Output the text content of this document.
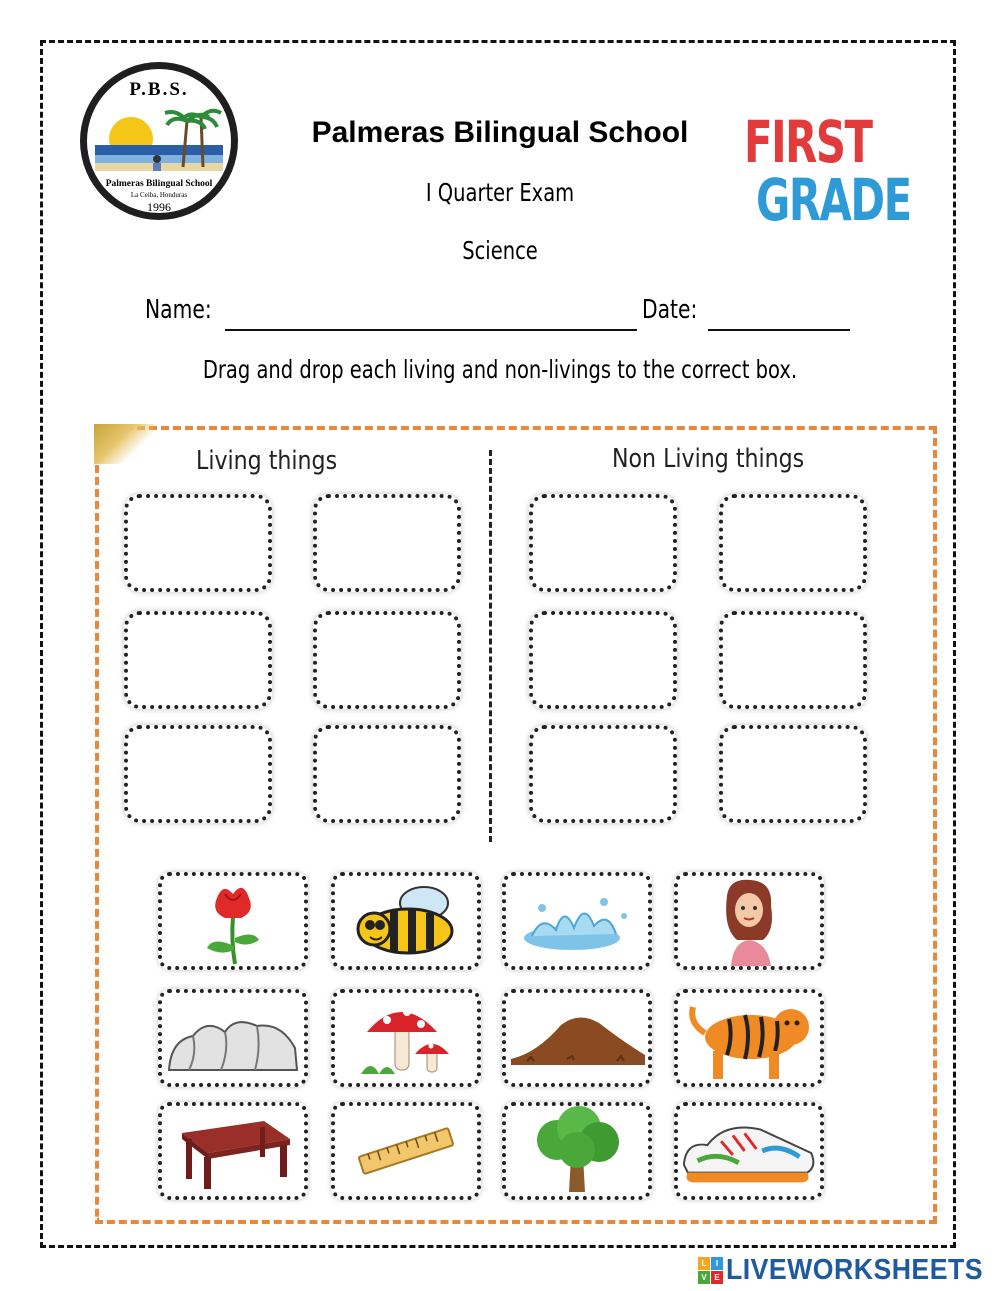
P.B.S.
Palmeras Bilingual School
La Ceiba, Honduras
1996
Palmeras Bilingual School
I Quarter Exam
Science
FIRST
GRADE
Name:	Date:
Drag and drop each living and non-livings to the correct box.
Living things	Non Living things
L	I
V E LIVEWORKSHEETS
